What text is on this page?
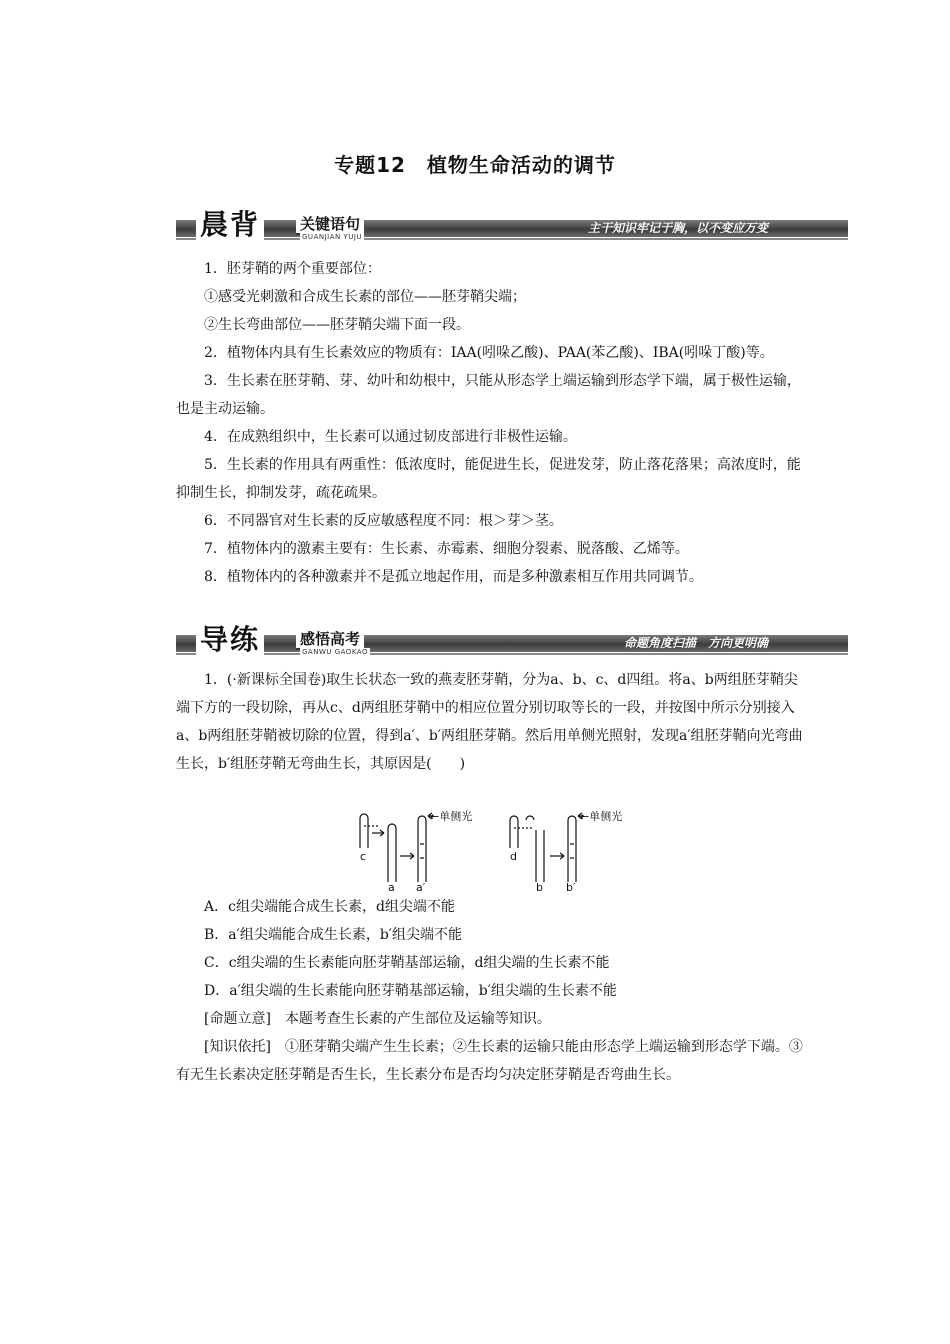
专题12　植物生命活动的调节
晨背	关键语句
GUANJIAN YUJU
主干知识牢记于胸，以不变应万变

1．胚芽鞘的两个重要部位：

①感受光刺激和合成生长素的部位——胚芽鞘尖端；

②生长弯曲部位——胚芽鞘尖端下面一段。

2．植物体内具有生长素效应的物质有：IAA(吲哚乙酸)、PAA(苯乙酸)、IBA(吲哚丁酸)等。

3．生长素在胚芽鞘、芽、幼叶和幼根中，只能从形态学上端运输到形态学下端，属于极性运输，也是主动运输。

4．在成熟组织中，生长素可以通过韧皮部进行非极性运输。

5．生长素的作用具有两重性：低浓度时，能促进生长，促进发芽，防止落花落果；高浓度时，能抑制生长，抑制发芽，疏花疏果。

6．不同器官对生长素的反应敏感程度不同：根＞芽＞茎。

7．植物体内的激素主要有：生长素、赤霉素、细胞分裂素、脱落酸、乙烯等。

8．植物体内的各种激素并不是孤立地起作用，而是多种激素相互作用共同调节。

导练	感悟高考
GANWU GAOKAO
命题角度扫描　方向更明确

1．(·新课标全国卷)取生长状态一致的燕麦胚芽鞘，分为a、b、c、d四组。将a、b两组胚芽鞘尖端下方的一段切除，再从c、d两组胚芽鞘中的相应位置分别切取等长的一段，并按图中所示分别接入a、b两组胚芽鞘被切除的位置，得到a′、b′两组胚芽鞘。然后用单侧光照射，发现a′组胚芽鞘向光弯曲生长，b′组胚芽鞘无弯曲生长，其原因是(　　)

←单侧光
c
a a′
←单侧光
d
b b′

A．c组尖端能合成生长素，d组尖端不能

B．a′组尖端能合成生长素，b′组尖端不能

C．c组尖端的生长素能向胚芽鞘基部运输，d组尖端的生长素不能

D．a′组尖端的生长素能向胚芽鞘基部运输，b′组尖端的生长素不能

[命题立意]　本题考查生长素的产生部位及运输等知识。

[知识依托]　①胚芽鞘尖端产生生长素；②生长素的运输只能由形态学上端运输到形态学下端。③有无生长素决定胚芽鞘是否生长，生长素分布是否均匀决定胚芽鞘是否弯曲生长。
